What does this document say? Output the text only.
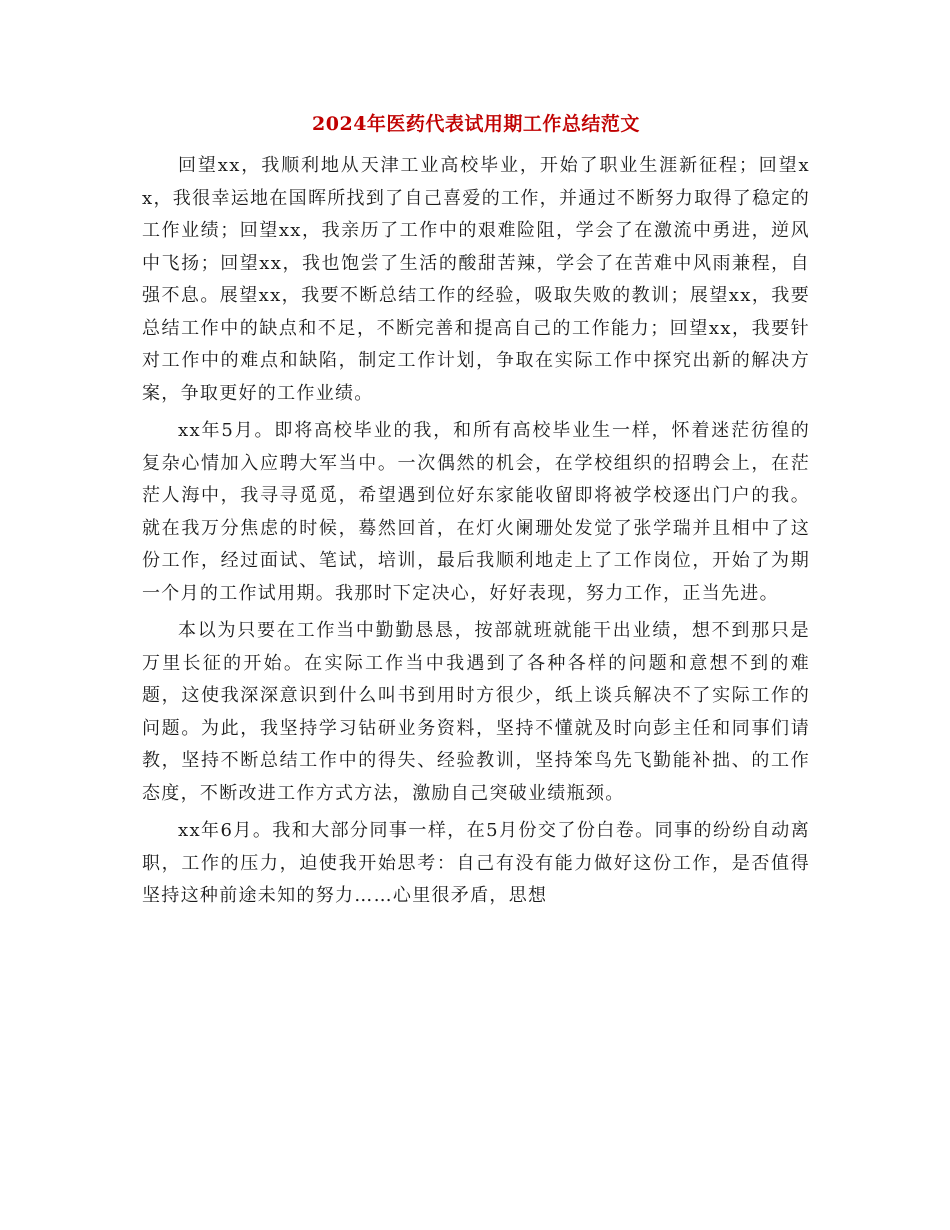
2024年医药代表试用期工作总结范文

回望xx，我顺利地从天津工业高校毕业，开始了职业生涯新征程；回望xx，我很幸运地在国晖所找到了自己喜爱的工作，并通过不断努力取得了稳定的工作业绩；回望xx，我亲历了工作中的艰难险阻，学会了在激流中勇进，逆风中飞扬；回望xx，我也饱尝了生活的酸甜苦辣，学会了在苦难中风雨兼程，自强不息。展望xx，我要不断总结工作的经验，吸取失败的教训；展望xx，我要总结工作中的缺点和不足，不断完善和提高自己的工作能力；回望xx，我要针对工作中的难点和缺陷，制定工作计划，争取在实际工作中探究出新的解决方案，争取更好的工作业绩。

xx年5月。即将高校毕业的我，和所有高校毕业生一样，怀着迷茫彷徨的复杂心情加入应聘大军当中。一次偶然的机会，在学校组织的招聘会上，在茫茫人海中，我寻寻觅觅，希望遇到位好东家能收留即将被学校逐出门户的我。就在我万分焦虑的时候，蓦然回首，在灯火阑珊处发觉了张学瑞并且相中了这份工作，经过面试、笔试，培训，最后我顺利地走上了工作岗位，开始了为期一个月的工作试用期。我那时下定决心，好好表现，努力工作，正当先进。

本以为只要在工作当中勤勤恳恳，按部就班就能干出业绩，想不到那只是万里长征的开始。在实际工作当中我遇到了各种各样的问题和意想不到的难题，这使我深深意识到什么叫书到用时方很少，纸上谈兵解决不了实际工作的问题。为此，我坚持学习钻研业务资料，坚持不懂就及时向彭主任和同事们请教，坚持不断总结工作中的得失、经验教训，坚持笨鸟先飞勤能补拙、的工作态度，不断改进工作方式方法，激励自己突破业绩瓶颈。

xx年6月。我和大部分同事一样，在5月份交了份白卷。同事的纷纷自动离职，工作的压力，迫使我开始思考：自己有没有能力做好这份工作，是否值得坚持这种前途未知的努力……心里很矛盾，思想
